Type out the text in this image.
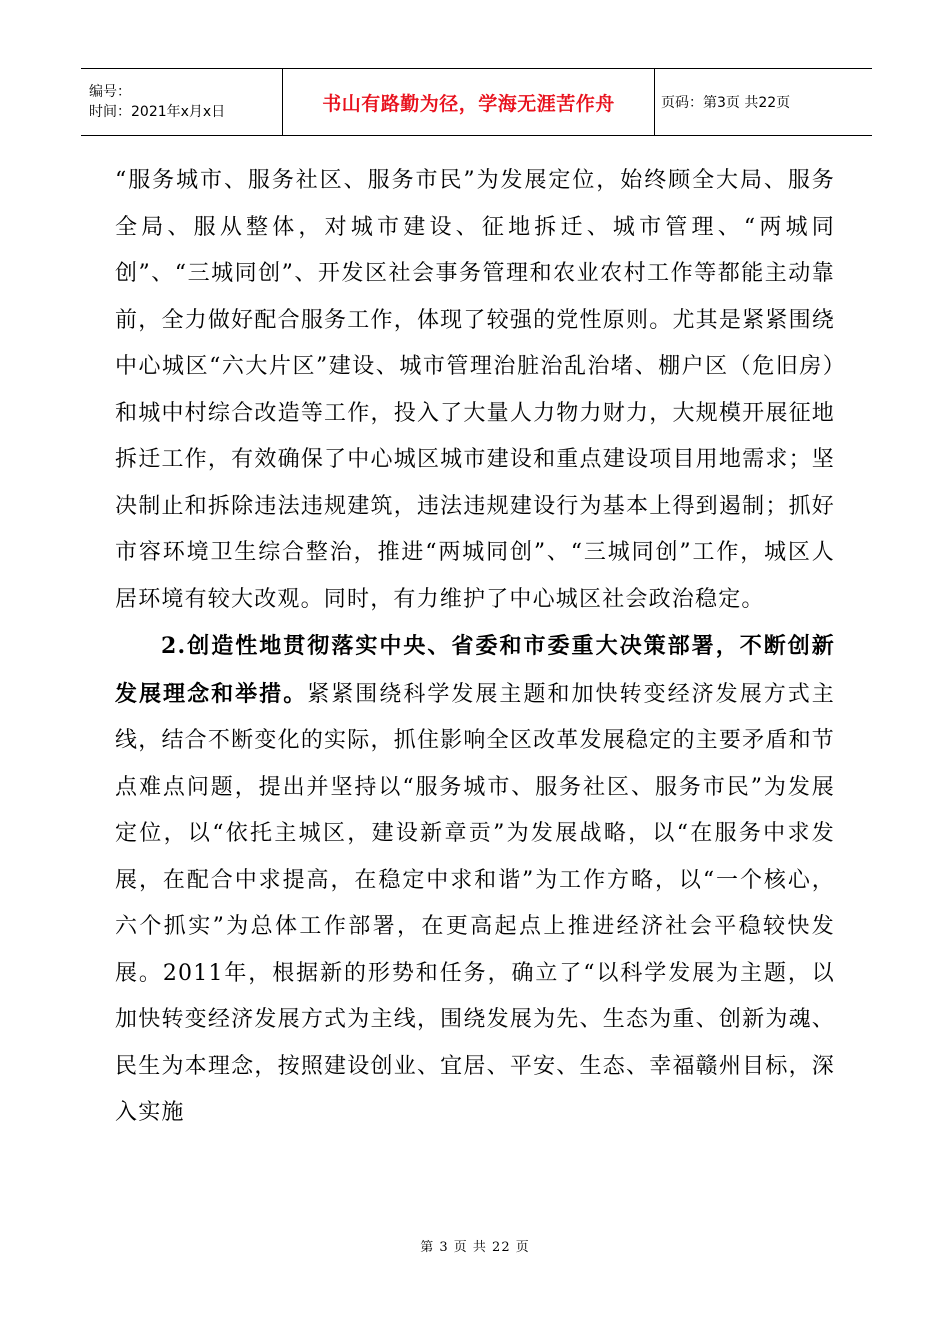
编号：
时间：2021年x月x日	书山有路勤为径，学海无涯苦作舟	页码：第3页 共22页

“服务城市、服务社区、服务市民”为发展定位，始终顾全大局、服务全局、服从整体，对城市建设、征地拆迁、城市管理、“两城同创”、“三城同创”、开发区社会事务管理和农业农村工作等都能主动靠前，全力做好配合服务工作，体现了较强的党性原则。尤其是紧紧围绕中心城区“六大片区”建设、城市管理治脏治乱治堵、棚户区（危旧房）和城中村综合改造等工作，投入了大量人力物力财力，大规模开展征地拆迁工作，有效确保了中心城区城市建设和重点建设项目用地需求；坚决制止和拆除违法违规建筑，违法违规建设行为基本上得到遏制；抓好市容环境卫生综合整治，推进“两城同创”、“三城同创”工作，城区人居环境有较大改观。同时，有力维护了中心城区社会政治稳定。

2.创造性地贯彻落实中央、省委和市委重大决策部署，不断创新发展理念和举措。紧紧围绕科学发展主题和加快转变经济发展方式主线，结合不断变化的实际，抓住影响全区改革发展稳定的主要矛盾和节点难点问题，提出并坚持以“服务城市、服务社区、服务市民”为发展定位，以“依托主城区，建设新章贡”为发展战略，以“在服务中求发展，在配合中求提高，在稳定中求和谐”为工作方略，以“一个核心，六个抓实”为总体工作部署，在更高起点上推进经济社会平稳较快发展。2011年，根据新的形势和任务，确立了“以科学发展为主题，以加快转变经济发展方式为主线，围绕发展为先、生态为重、创新为魂、民生为本理念，按照建设创业、宜居、平安、生态、幸福赣州目标，深入实施

第 3 页 共 22 页
